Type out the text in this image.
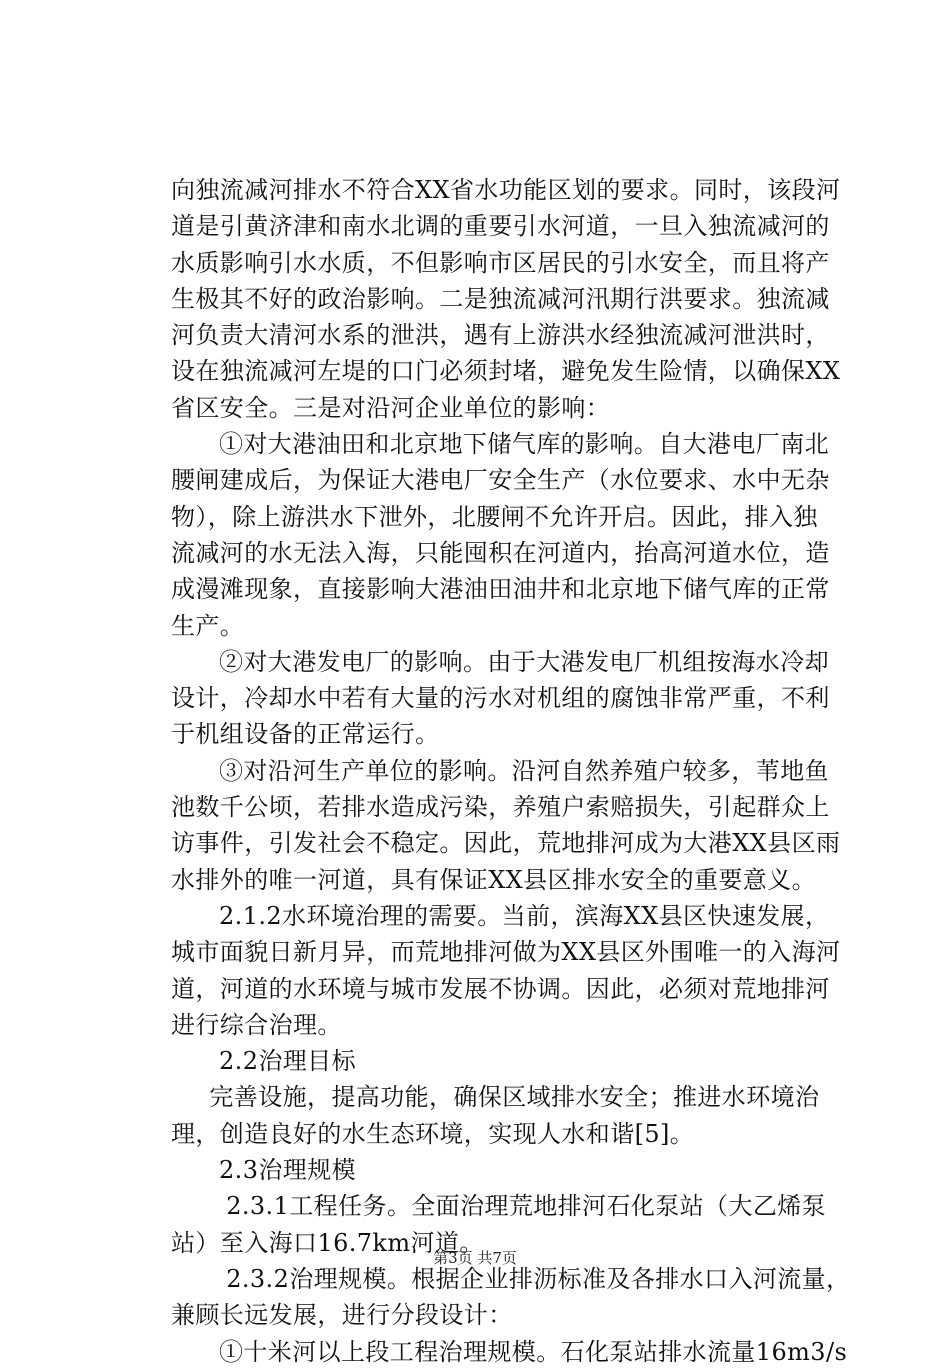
向独流减河排水不符合XX省水功能区划的要求。同时，该段河
道是引黄济津和南水北调的重要引水河道，一旦入独流减河的
水质影响引水水质，不但影响市区居民的引水安全，而且将产
生极其不好的政治影响。二是独流减河汛期行洪要求。独流减
河负责大清河水系的泄洪，遇有上游洪水经独流减河泄洪时，
设在独流减河左堤的口门必须封堵，避免发生险情，以确保XX
省区安全。三是对沿河企业单位的影响：
①对大港油田和北京地下储气库的影响。自大港电厂南北
腰闸建成后，为保证大港电厂安全生产（水位要求、水中无杂
物），除上游洪水下泄外，北腰闸不允许开启。因此，排入独
流减河的水无法入海，只能囤积在河道内，抬高河道水位，造
成漫滩现象，直接影响大港油田油井和北京地下储气库的正常
生产。
②对大港发电厂的影响。由于大港发电厂机组按海水冷却
设计，冷却水中若有大量的污水对机组的腐蚀非常严重，不利
于机组设备的正常运行。
③对沿河生产单位的影响。沿河自然养殖户较多，苇地鱼
池数千公顷，若排水造成污染，养殖户索赔损失，引起群众上
访事件，引发社会不稳定。因此，荒地排河成为大港XX县区雨
水排外的唯一河道，具有保证XX县区排水安全的重要意义。
2.1.2水环境治理的需要。当前，滨海XX县区快速发展，
城市面貌日新月异，而荒地排河做为XX县区外围唯一的入海河
道，河道的水环境与城市发展不协调。因此，必须对荒地排河
进行综合治理。
2.2治理目标
完善设施，提高功能，确保区域排水安全；推进水环境治
理，创造良好的水生态环境，实现人水和谐[5]。
2.3治理规模
2.3.1工程任务。全面治理荒地排河石化泵站（大乙烯泵
站）至入海口16.7km河道。
2.3.2治理规模。根据企业排沥标准及各排水口入河流量，
兼顾长远发展，进行分段设计：
①十米河以上段工程治理规模。石化泵站排水流量16m3/s
第3页 共7页
